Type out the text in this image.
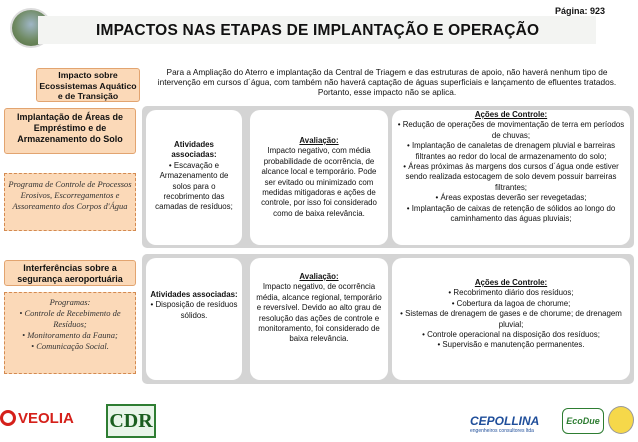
IMPACTOS NAS ETAPAS DE IMPLANTAÇÃO E OPERAÇÃO
Página: 923
Impacto sobre Ecossistemas Aquático e de Transição
Para a Ampliação do Aterro e implantação da Central de Triagem e das estruturas de apoio, não haverá nenhum tipo de intervenção em cursos d´água, com também não haverá captação de águas superficiais e lançamento de efluentes tratados. Portanto, esse impacto não se aplica.
Implantação de Áreas de Empréstimo e de Armazenamento do Solo
Programa de Controle de Processos Erosivos, Escorregamentos e Assoreamento dos Corpos d'Água
Atividades associadas:
• Escavação e Armazenamento de solos para o recobrimento das camadas de resíduos;
Avaliação:
Impacto negativo, com média probabilidade de ocorrência, de alcance local e temporário. Pode ser evitado ou minimizado com medidas mitigadoras e ações de controle, por isso foi considerado como de baixa relevância.
Ações de Controle:
• Redução de operações de movimentação de terra em períodos de chuvas;
• Implantação de canaletas de drenagem pluvial e barreiras filtrantes ao redor do local de armazenamento do solo;
• Áreas próximas às margens dos cursos d´água onde estiver sendo realizada estocagem de solo devem possuir barreiras filtrantes;
• Áreas expostas deverão ser revegetadas;
• Implantação de caixas de retenção de sólidos ao longo do caminhamento das águas pluviais;
Interferências sobre a segurança aeroportuária
Programas:
• Controle de Recebimento de Resíduos;
• Monitoramento da Fauna;
• Comunicação Social.
Atividades associadas:
• Disposição de resíduos sólidos.
Avaliação:
Impacto negativo, de ocorrência média, alcance regional, temporário e reversível. Devido ao alto grau de resolução das ações de controle e monitoramento, foi considerado de baixa relevância.
Ações de Controle:
• Recobrimento diário dos resíduos;
• Cobertura da lagoa de chorume;
• Sistemas de drenagem de gases e de chorume; de drenagem pluvial;
• Controle operacional na disposição dos resíduos;
• Supervisão e manutenção permanentes.
VEOLIA CDR	CEPOLLINA
engenheiros consultores ltda
EcoDue
